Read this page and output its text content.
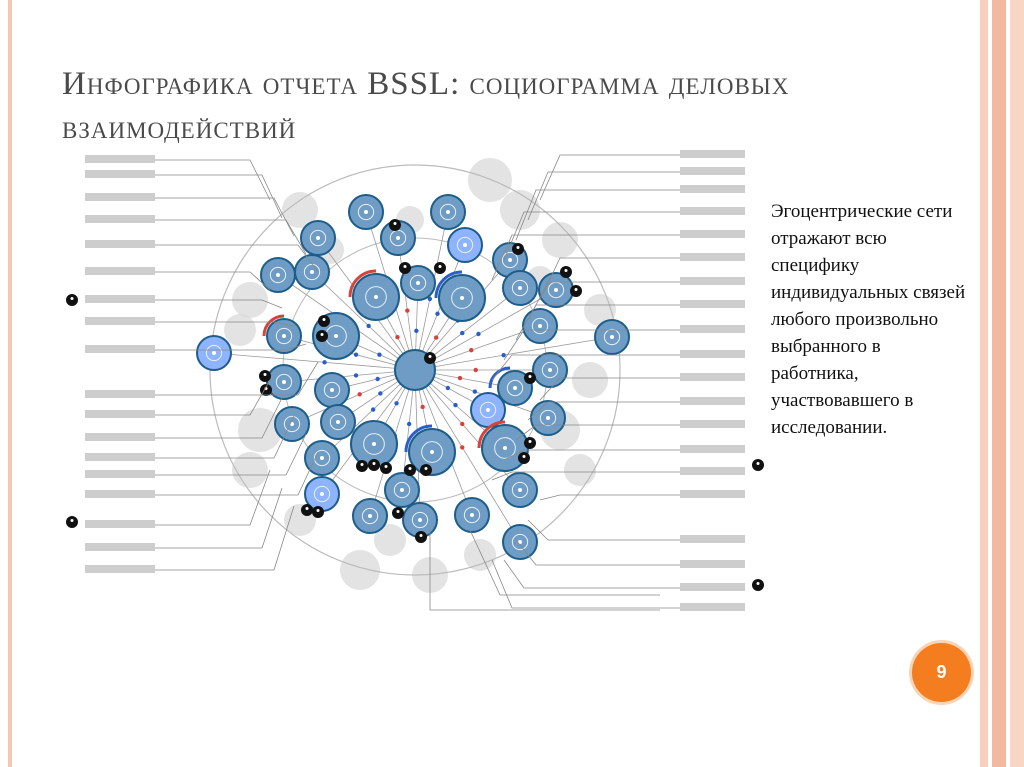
Инфографика отчета BSSL: социограмма деловых взаимодействий
Эгоцентрические сети отражают всю специфику индивидуальных связей любого произвольно выбранного в работника, участвовавшего в исследовании.
9
